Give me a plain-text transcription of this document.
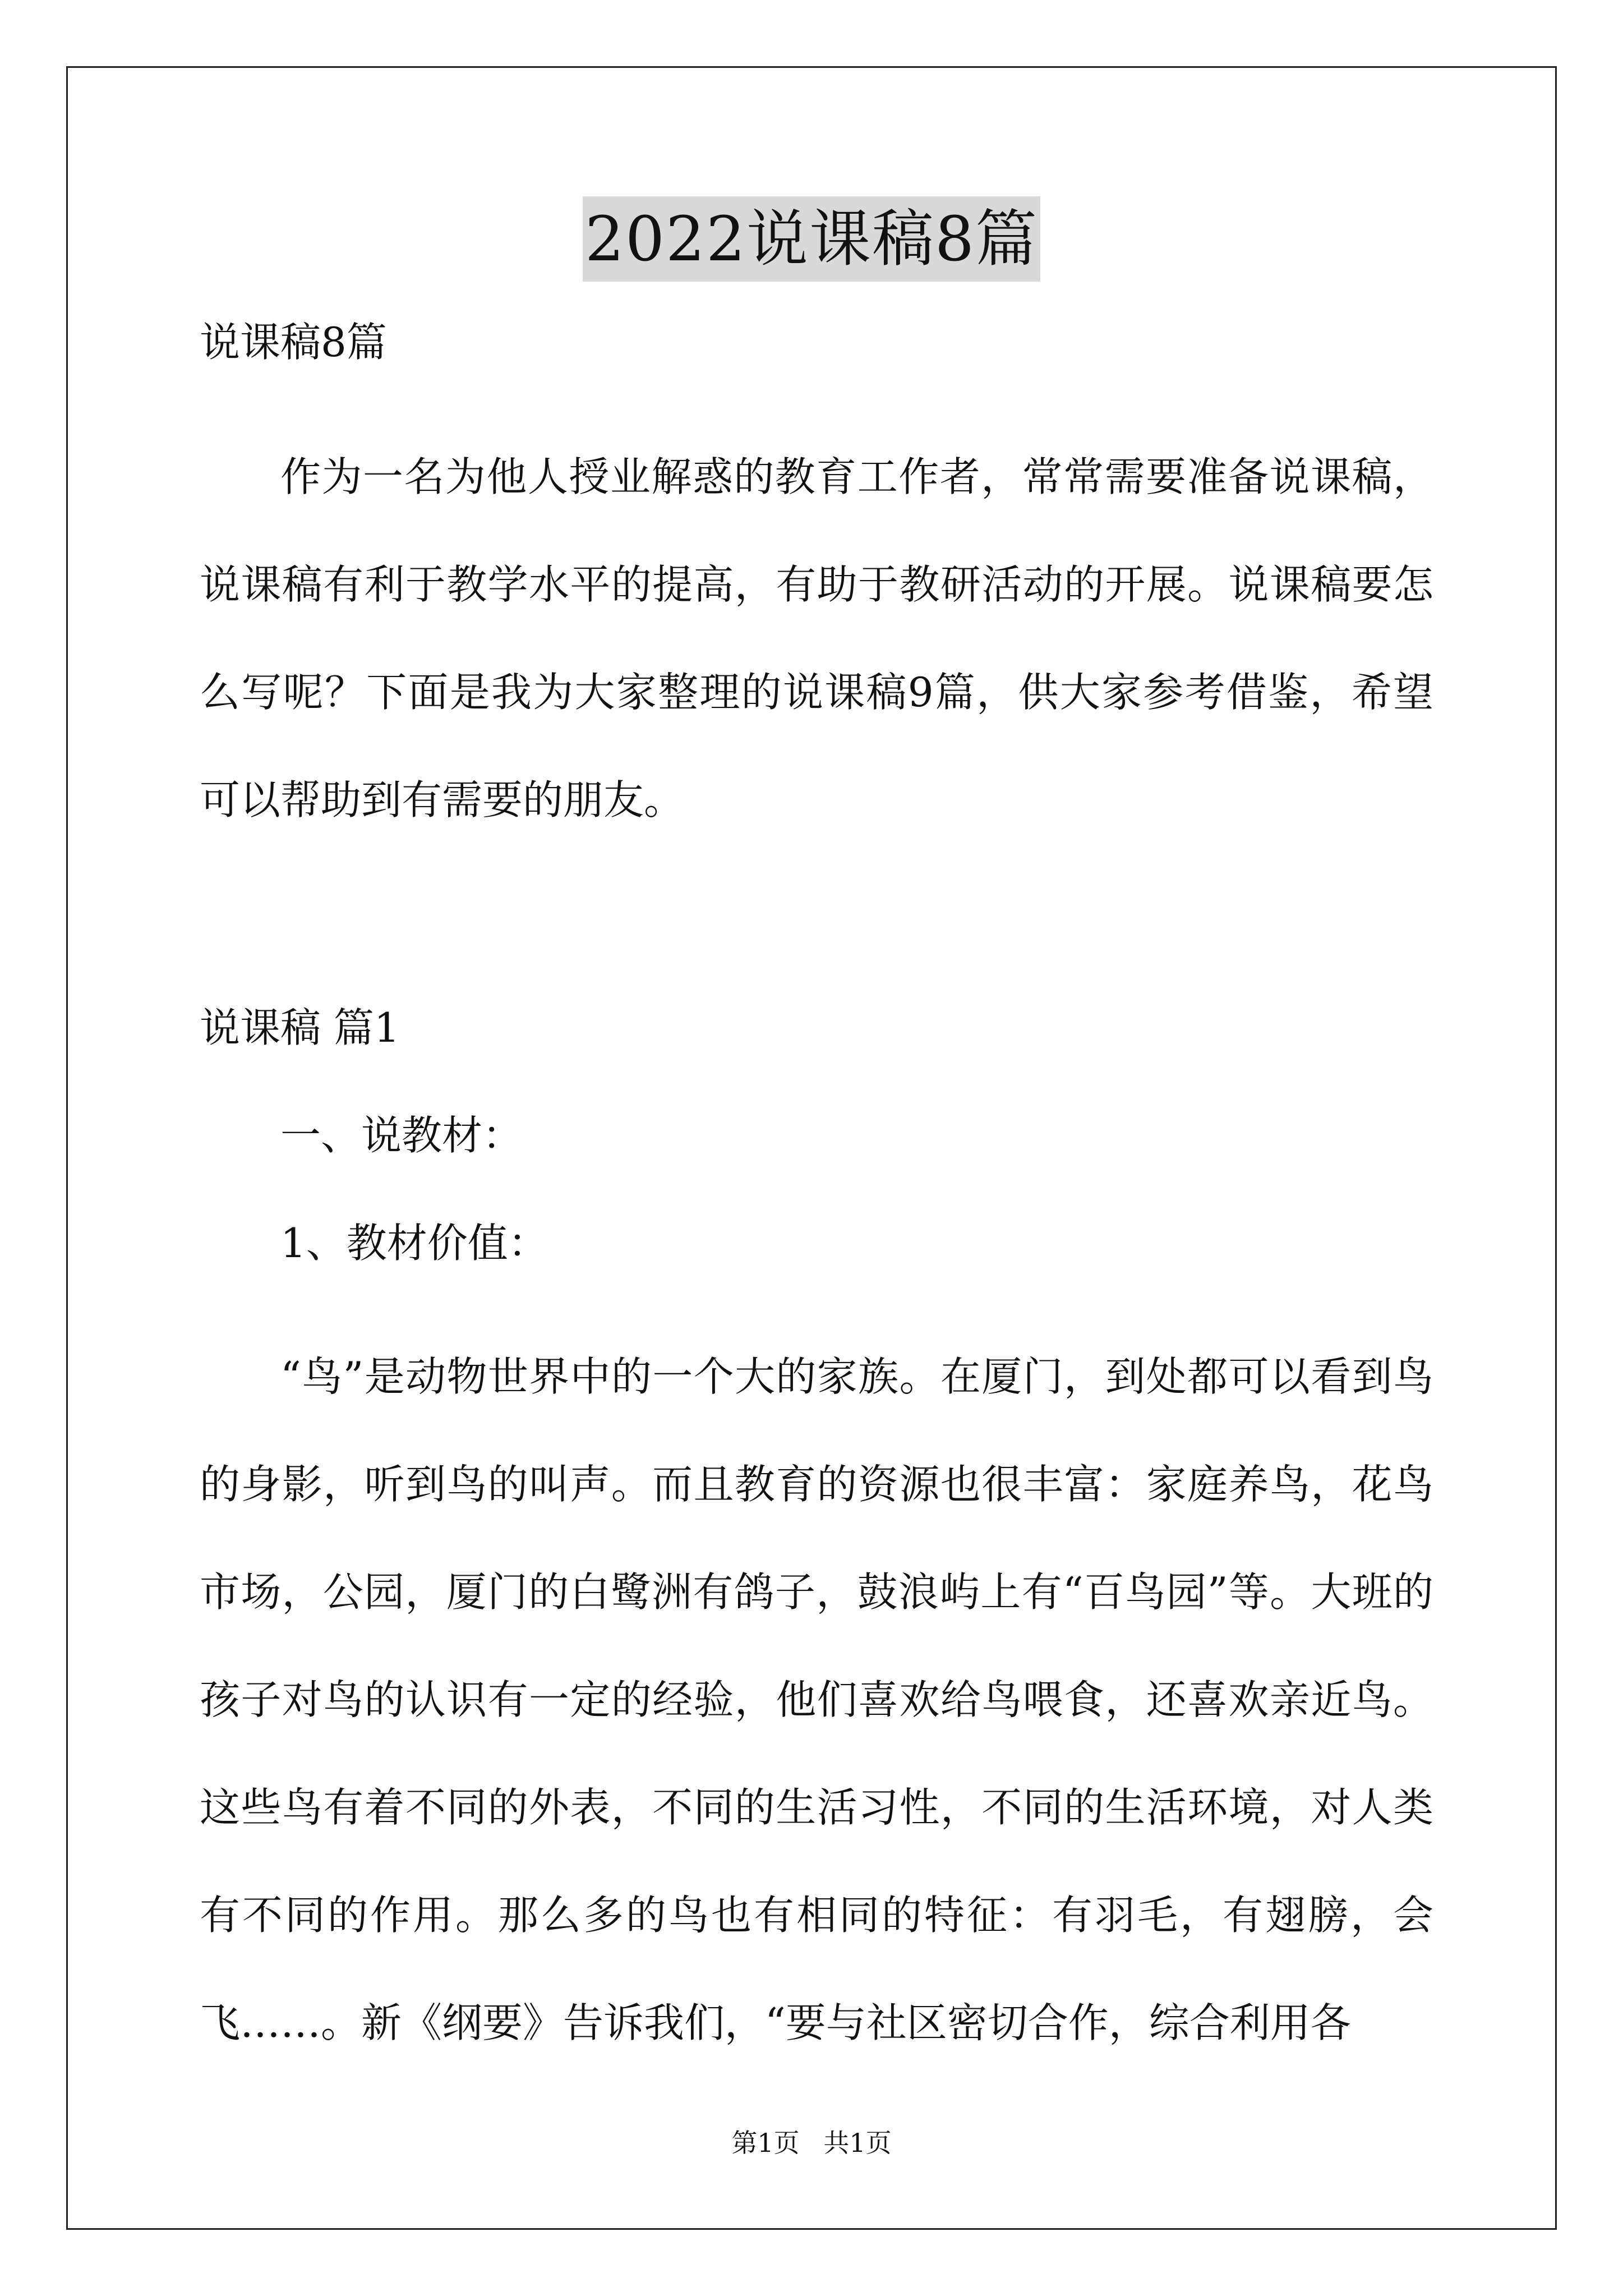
2022说课稿8篇
说课稿8篇

作为一名为他人授业解惑的教育工作者，常常需要准备说课稿，说课稿有利于教学水平的提高，有助于教研活动的开展。说课稿要怎么写呢？下面是我为大家整理的说课稿9篇，供大家参考借鉴，希望可以帮助到有需要的朋友。

说课稿 篇1
一、说教材：
1、教材价值：

“鸟”是动物世界中的一个大的家族。在厦门，到处都可以看到鸟的身影，听到鸟的叫声。而且教育的资源也很丰富：家庭养鸟，花鸟市场，公园，厦门的白鹭洲有鸽子，鼓浪屿上有“百鸟园”等。大班的孩子对鸟的认识有一定的经验，他们喜欢给鸟喂食，还喜欢亲近鸟。这些鸟有着不同的外表，不同的生活习性，不同的生活环境，对人类有不同的作用。那么多的鸟也有相同的特征：有羽毛，有翅膀，会飞……。新《纲要》告诉我们，“要与社区密切合作，综合利用各

第1页 共1页
